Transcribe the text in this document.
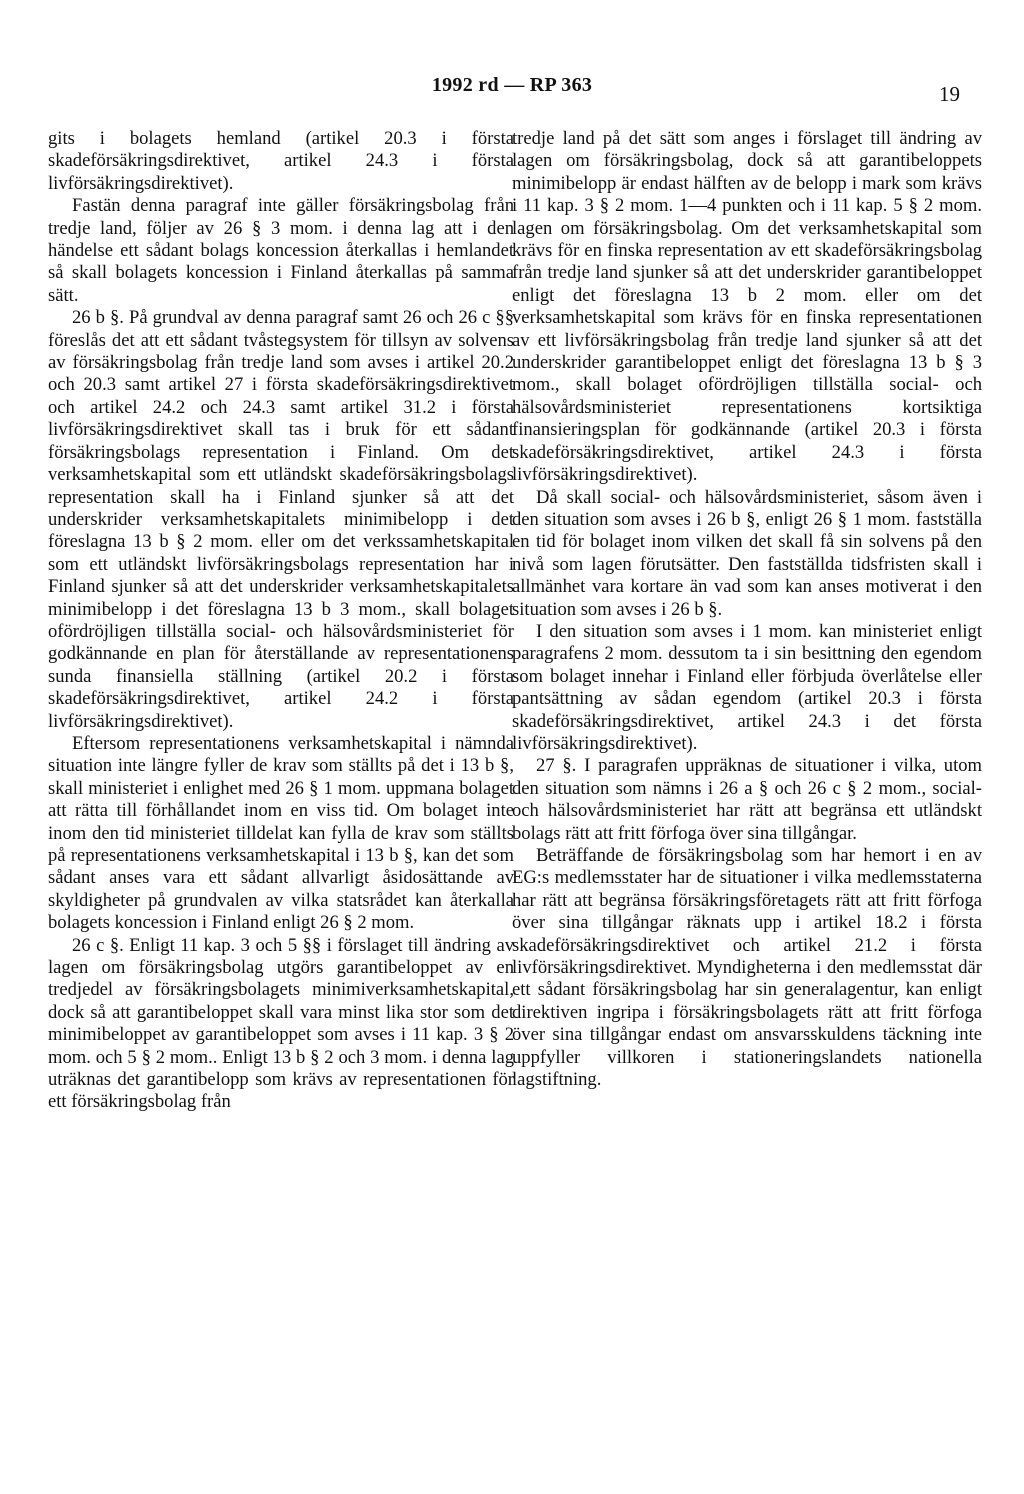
1992 rd — RP 363	19

gits i bolagets hemland (artikel 20.3 i första skadeförsäkringsdirektivet, artikel 24.3 i första livförsäkringsdirektivet).

Fastän denna paragraf inte gäller försäkringsbolag från tredje land, följer av 26 § 3 mom. i denna lag att i den händelse ett sådant bolags koncession återkallas i hemlandet så skall bolagets koncession i Finland återkallas på samma sätt.

26 b §. På grundval av denna paragraf samt 26 och 26 c §§ föreslås det att ett sådant tvåstegsystem för tillsyn av solvens av försäkringsbolag från tredje land som avses i artikel 20.2 och 20.3 samt artikel 27 i första skadeförsäkringsdirektivet och artikel 24.2 och 24.3 samt artikel 31.2 i första livförsäkringsdirektivet skall tas i bruk för ett sådant försäkringsbolags representation i Finland. Om det verksamhetskapital som ett utländskt skadeförsäkringsbolags representation skall ha i Finland sjunker så att det underskrider verksamhetskapitalets minimibelopp i det föreslagna 13 b § 2 mom. eller om det verkssamhetskapital som ett utländskt livförsäkringsbolags representation har i Finland sjunker så att det underskrider verksamhetskapitalets minimibelopp i det föreslagna 13 b 3 mom., skall bolaget ofördröjligen tillställa social- och hälsovårdsministeriet för godkännande en plan för återställande av representationens sunda finansiella ställning (artikel 20.2 i första skadeförsäkringsdirektivet, artikel 24.2 i första livförsäkringsdirektivet).

Eftersom representationens verksamhetskapital i nämnda situation inte längre fyller de krav som ställts på det i 13 b §, skall ministeriet i enlighet med 26 § 1 mom. uppmana bolaget att rätta till förhållandet inom en viss tid. Om bolaget inte inom den tid ministeriet tilldelat kan fylla de krav som ställts på representationens verksamhetskapital i 13 b §, kan det som sådant anses vara ett sådant allvarligt åsidosättande av skyldigheter på grundvalen av vilka statsrådet kan återkalla bolagets koncession i Finland enligt 26 § 2 mom.

26 c §. Enligt 11 kap. 3 och 5 §§ i förslaget till ändring av lagen om försäkringsbolag utgörs garantibeloppet av en tredjedel av försäkringsbolagets minimiverksamhetskapital, dock så att garantibeloppet skall vara minst lika stor som det minimibeloppet av garantibeloppet som avses i 11 kap. 3 § 2 mom. och 5 § 2 mom.. Enligt 13 b § 2 och 3 mom. i denna lag uträknas det garantibelopp som krävs av representationen för ett försäkringsbolag från

tredje land på det sätt som anges i förslaget till ändring av lagen om försäkringsbolag, dock så att garantibeloppets minimibelopp är endast hälften av de belopp i mark som krävs i 11 kap. 3 § 2 mom. 1—4 punkten och i 11 kap. 5 § 2 mom. lagen om försäkringsbolag. Om det verksamhetskapital som krävs för en finska representation av ett skadeförsäkringsbolag från tredje land sjunker så att det underskrider garantibeloppet enligt det föreslagna 13 b 2 mom. eller om det verksamhetskapital som krävs för en finska representationen av ett livförsäkringsbolag från tredje land sjunker så att det underskrider garantibeloppet enligt det föreslagna 13 b § 3 mom., skall bolaget ofördröjligen tillställa social- och hälsovårdsministeriet representationens kortsiktiga finansieringsplan för godkännande (artikel 20.3 i första skadeförsäkringsdirektivet, artikel 24.3 i första livförsäkringsdirektivet).

Då skall social- och hälsovårdsministeriet, såsom även i den situation som avses i 26 b §, enligt 26 § 1 mom. fastställa en tid för bolaget inom vilken det skall få sin solvens på den nivå som lagen förutsätter. Den fastställda tidsfristen skall i allmänhet vara kortare än vad som kan anses motiverat i den situation som avses i 26 b §.

I den situation som avses i 1 mom. kan ministeriet enligt paragrafens 2 mom. dessutom ta i sin besittning den egendom som bolaget innehar i Finland eller förbjuda överlåtelse eller pantsättning av sådan egendom (artikel 20.3 i första skadeförsäkringsdirektivet, artikel 24.3 i det första livförsäkringsdirektivet).

27 §. I paragrafen uppräknas de situationer i vilka, utom den situation som nämns i 26 a § och 26 c § 2 mom., social- och hälsovårdsministeriet har rätt att begränsa ett utländskt bolags rätt att fritt förfoga över sina tillgångar.

Beträffande de försäkringsbolag som har hemort i en av EG:s medlemsstater har de situationer i vilka medlemsstaterna har rätt att begränsa försäkringsföretagets rätt att fritt förfoga över sina tillgångar räknats upp i artikel 18.2 i första skadeförsäkringsdirektivet och artikel 21.2 i första livförsäkringsdirektivet. Myndigheterna i den medlemsstat där ett sådant försäkringsbolag har sin generalagentur, kan enligt direktiven ingripa i försäkringsbolagets rätt att fritt förfoga över sina tillgångar endast om ansvarsskuldens täckning inte uppfyller villkoren i stationeringslandets nationella lagstiftning.
